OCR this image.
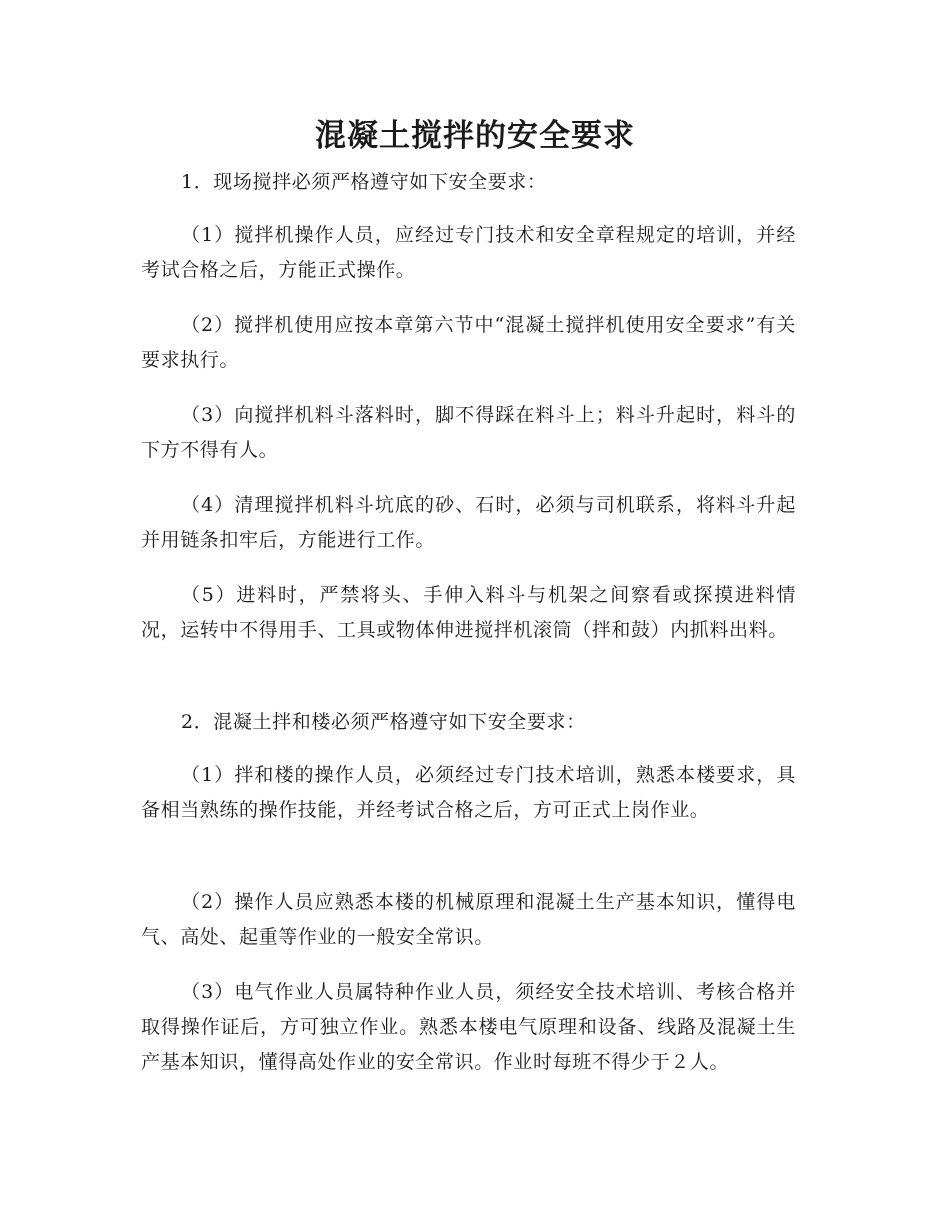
混凝土搅拌的安全要求

1．现场搅拌必须严格遵守如下安全要求：

（1）搅拌机操作人员，应经过专门技术和安全章程规定的培训，并经考试合格之后，方能正式操作。

（2）搅拌机使用应按本章第六节中“混凝土搅拌机使用安全要求”有关要求执行。

（3）向搅拌机料斗落料时，脚不得踩在料斗上；料斗升起时，料斗的下方不得有人。

（4）清理搅拌机料斗坑底的砂、石时，必须与司机联系，将料斗升起并用链条扣牢后，方能进行工作。

（5）进料时，严禁将头、手伸入料斗与机架之间察看或探摸进料情况，运转中不得用手、工具或物体伸进搅拌机滚筒（拌和鼓）内抓料出料。

2．混凝土拌和楼必须严格遵守如下安全要求：

（1）拌和楼的操作人员，必须经过专门技术培训，熟悉本楼要求，具备相当熟练的操作技能，并经考试合格之后，方可正式上岗作业。

（2）操作人员应熟悉本楼的机械原理和混凝土生产基本知识，懂得电气、高处、起重等作业的一般安全常识。

（3）电气作业人员属特种作业人员，须经安全技术培训、考核合格并取得操作证后，方可独立作业。熟悉本楼电气原理和设备、线路及混凝土生产基本知识，懂得高处作业的安全常识。作业时每班不得少于２人。
